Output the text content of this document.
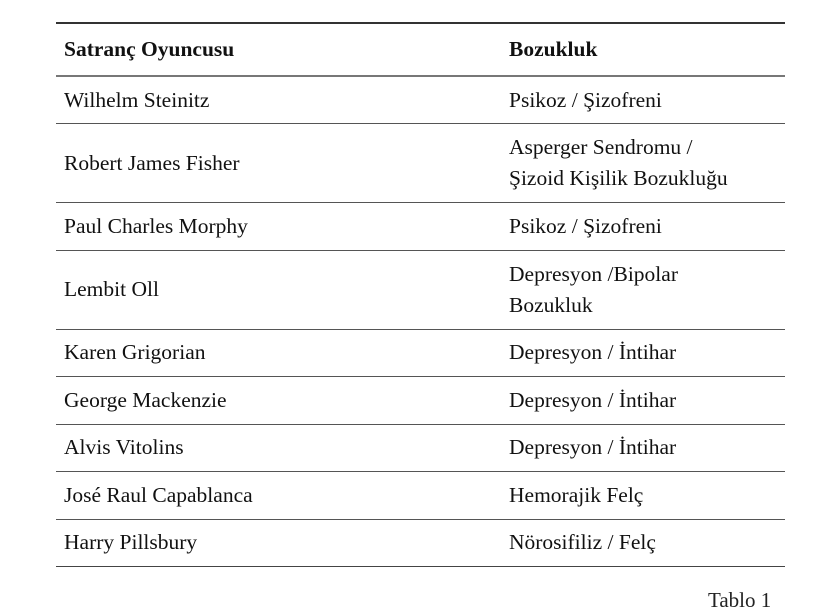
Satranç Oyuncusu	Bozukluk
Wilhelm Steinitz	Psikoz / Şizofreni
Robert James Fisher	Asperger Sendromu /
Şizoid Kişilik Bozukluğu

Paul Charles Morphy	Psikoz / Şizofreni
Lembit Oll	Depresyon /Bipolar
Bozukluk

Karen Grigorian	Depresyon / İntihar
George Mackenzie	Depresyon / İntihar
Alvis Vitolins	Depresyon / İntihar
José Raul Capablanca	Hemorajik Felç
Harry Pillsbury	Nörosifiliz / Felç
Tablo 1
